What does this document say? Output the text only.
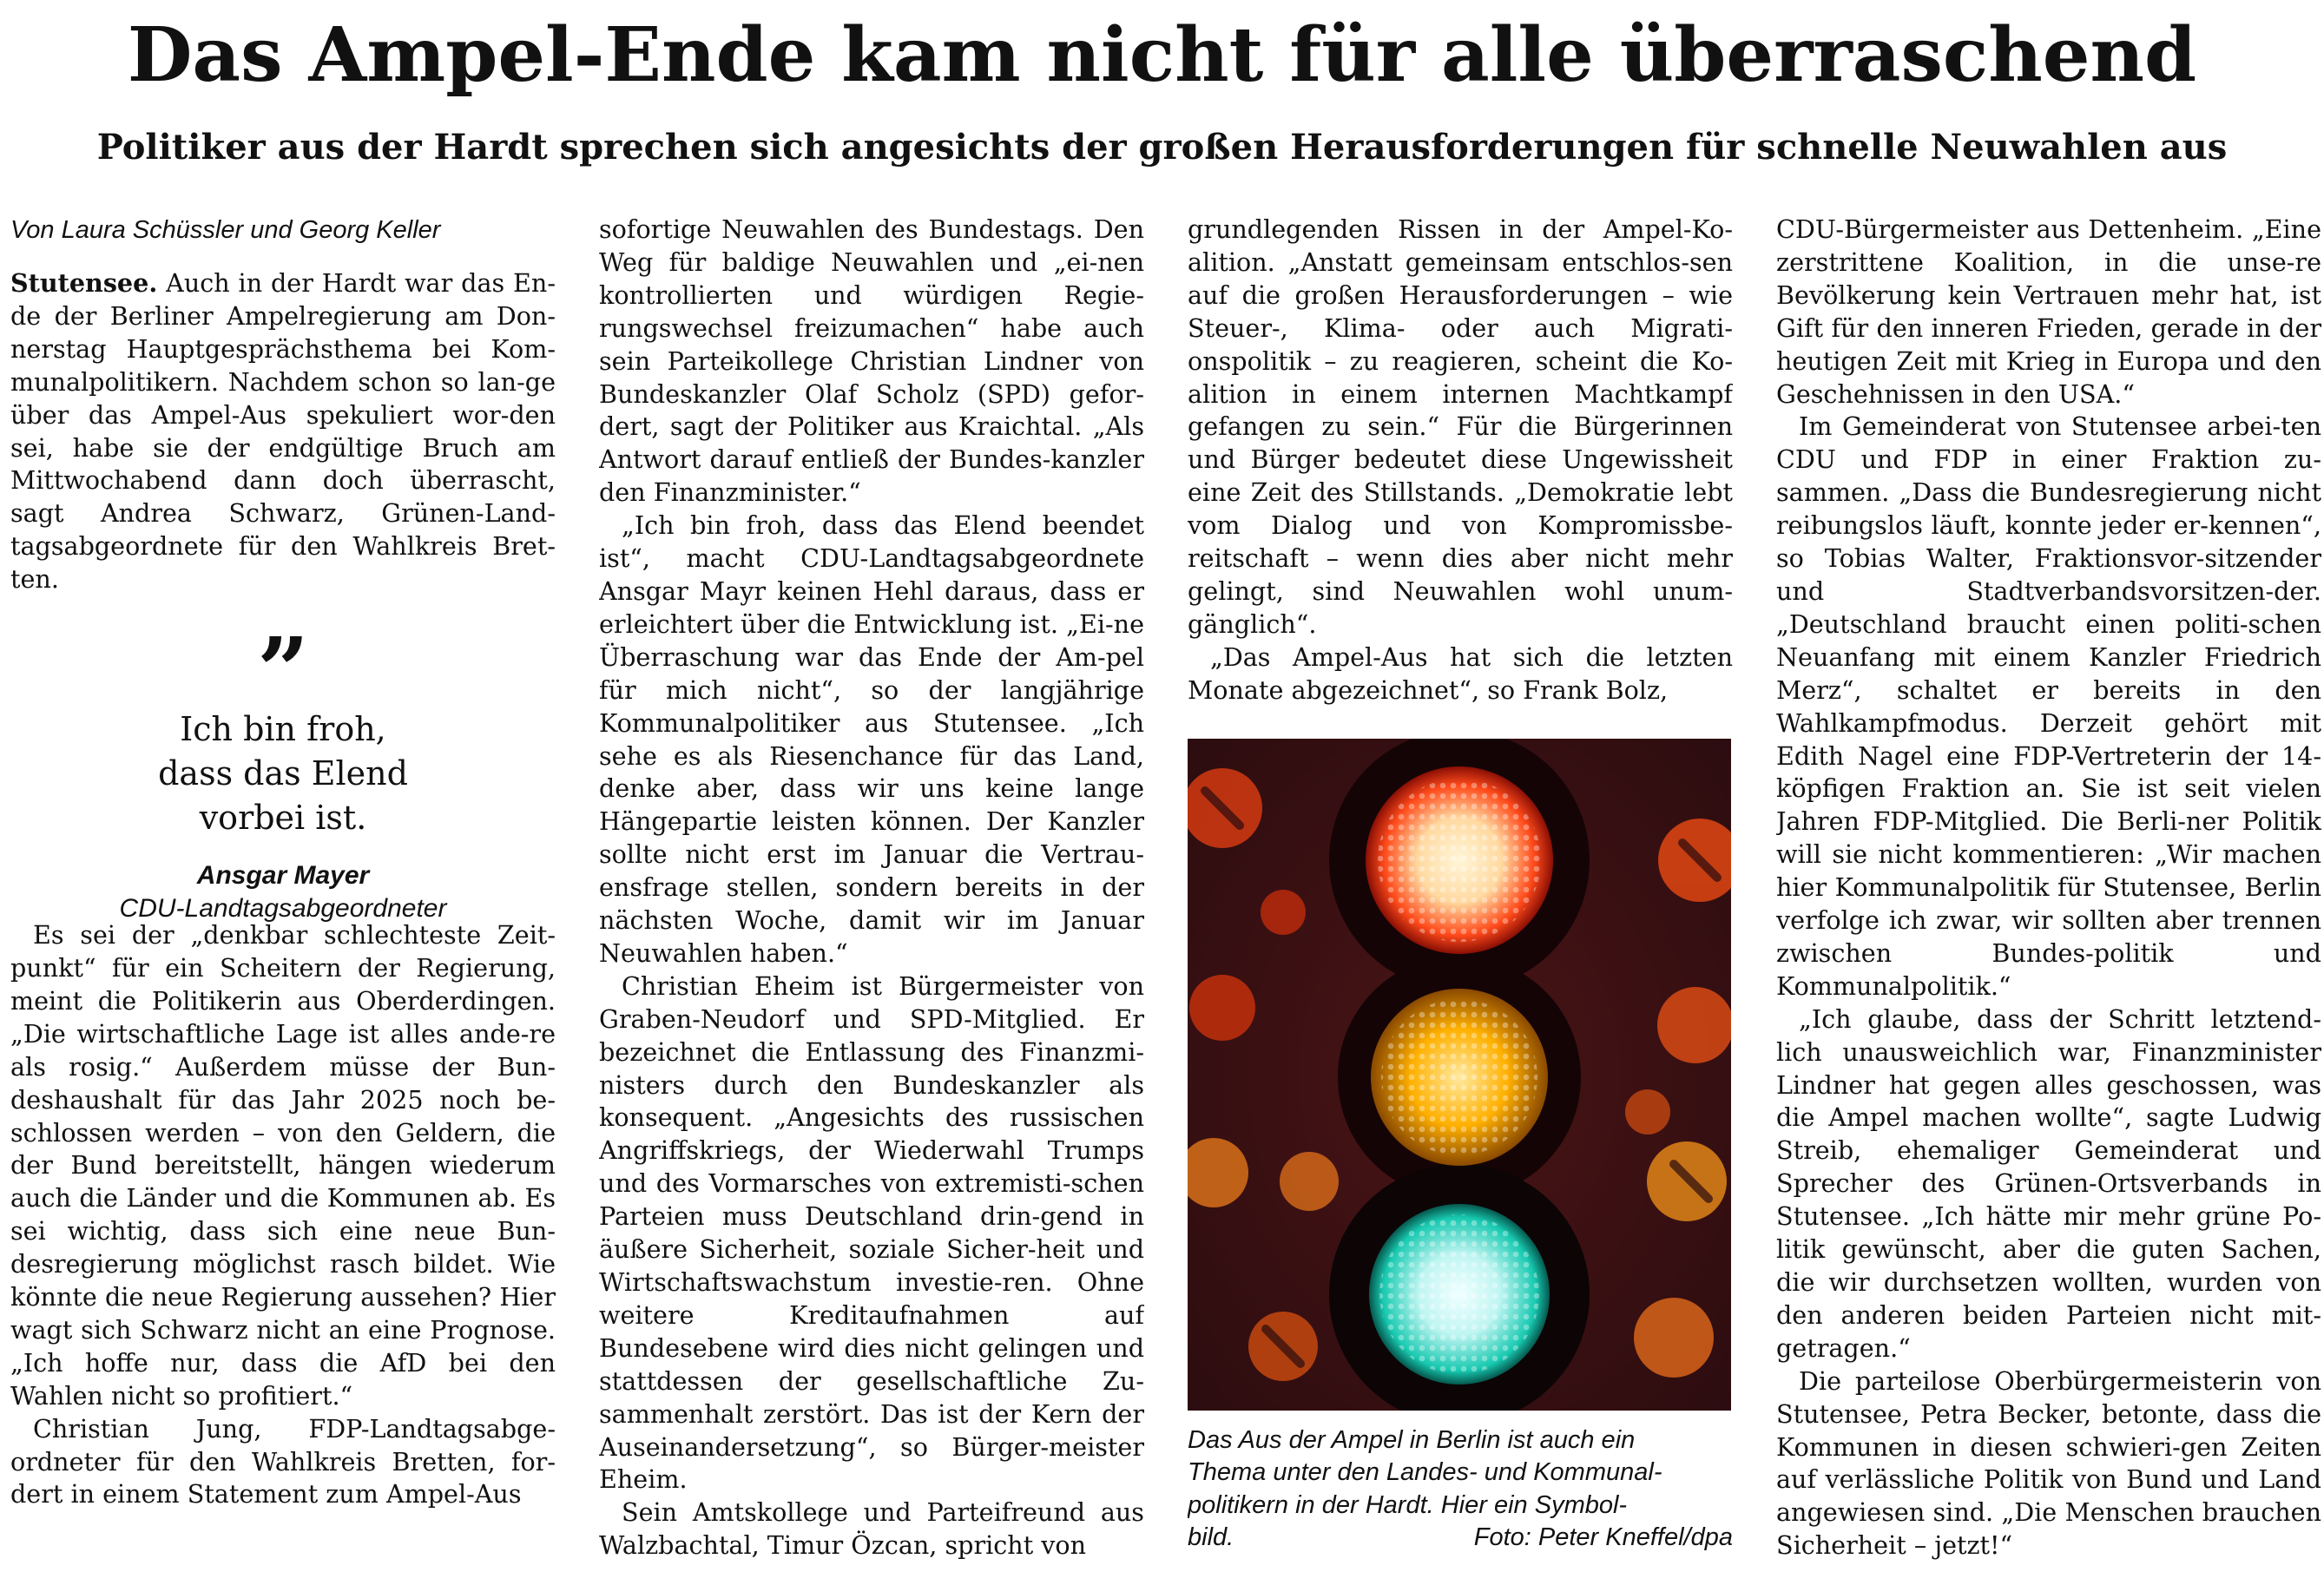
Das Ampel-Ende kam nicht für alle überraschend
Politiker aus der Hardt sprechen sich angesichts der großen Herausforderungen für schnelle Neuwahlen aus
Von Laura Schüssler und Georg Keller

Stutensee. Auch in der Hardt war das En-de der Berliner Ampelregierung am Don-nerstag Hauptgesprächsthema bei Kom-munalpolitikern. Nachdem schon so lan-ge über das Ampel-Aus spekuliert wor-den sei, habe sie der endgültige Bruch am Mittwochabend dann doch überrascht, sagt Andrea Schwarz, Grünen-Land-tagsabgeordnete für den Wahlkreis Bret-ten.

”
Ich bin froh,
dass das Elend
vorbei ist.
Ansgar Mayer
CDU-Landtagsabgeordneter

Es sei der „denkbar schlechteste Zeit-punkt“ für ein Scheitern der Regierung, meint die Politikerin aus Oberderdingen. „Die wirtschaftliche Lage ist alles ande-re als rosig.“ Außerdem müsse der Bun-deshaushalt für das Jahr 2025 noch be-schlossen werden – von den Geldern, die der Bund bereitstellt, hängen wiederum auch die Länder und die Kommunen ab. Es sei wichtig, dass sich eine neue Bun-desregierung möglichst rasch bildet. Wie könnte die neue Regierung aussehen? Hier wagt sich Schwarz nicht an eine Prognose. „Ich hoffe nur, dass die AfD bei den Wahlen nicht so profitiert.“

Christian Jung, FDP-Landtagsabge-ordneter für den Wahlkreis Bretten, for-dert in einem Statement zum Ampel-Aus

sofortige Neuwahlen des Bundestags. Den Weg für baldige Neuwahlen und „ei-nen kontrollierten und würdigen Regie-rungswechsel freizumachen“ habe auch sein Parteikollege Christian Lindner von Bundeskanzler Olaf Scholz (SPD) gefor-dert, sagt der Politiker aus Kraichtal. „Als Antwort darauf entließ der Bundes-kanzler den Finanzminister.“

„Ich bin froh, dass das Elend beendet ist“, macht CDU-Landtagsabgeordnete Ansgar Mayr keinen Hehl daraus, dass er erleichtert über die Entwicklung ist. „Ei-ne Überraschung war das Ende der Am-pel für mich nicht“, so der langjährige Kommunalpolitiker aus Stutensee. „Ich sehe es als Riesenchance für das Land, denke aber, dass wir uns keine lange Hängepartie leisten können. Der Kanzler sollte nicht erst im Januar die Vertrau-ensfrage stellen, sondern bereits in der nächsten Woche, damit wir im Januar Neuwahlen haben.“

Christian Eheim ist Bürgermeister von Graben-Neudorf und SPD-Mitglied. Er bezeichnet die Entlassung des Finanzmi-nisters durch den Bundeskanzler als konsequent. „Angesichts des russischen Angriffskriegs, der Wiederwahl Trumps und des Vormarsches von extremisti-schen Parteien muss Deutschland drin-gend in äußere Sicherheit, soziale Sicher-heit und Wirtschaftswachstum investie-ren. Ohne weitere Kreditaufnahmen auf Bundesebene wird dies nicht gelingen und stattdessen der gesellschaftliche Zu-sammenhalt zerstört. Das ist der Kern der Auseinandersetzung“, so Bürger-meister Eheim.

Sein Amtskollege und Parteifreund aus Walzbachtal, Timur Özcan, spricht von

grundlegenden Rissen in der Ampel-Ko-alition. „Anstatt gemeinsam entschlos-sen auf die großen Herausforderungen – wie Steuer-, Klima- oder auch Migrati-onspolitik – zu reagieren, scheint die Ko-alition in einem internen Machtkampf gefangen zu sein.“ Für die Bürgerinnen und Bürger bedeutet diese Ungewissheit eine Zeit des Stillstands. „Demokratie lebt vom Dialog und von Kompromissbe-reitschaft – wenn dies aber nicht mehr gelingt, sind Neuwahlen wohl unum-gänglich“.

„Das Ampel-Aus hat sich die letzten Monate abgezeichnet“, so Frank Bolz,

Das Aus der Ampel in Berlin ist auch ein
Thema unter den Landes- und Kommunal-
politikern in der Hardt. Hier ein Symbol-
bild.	Foto: Peter Kneffel/dpa

CDU-Bürgermeister aus Dettenheim. „Eine zerstrittene Koalition, in die unse-re Bevölkerung kein Vertrauen mehr hat, ist Gift für den inneren Frieden, gerade in der heutigen Zeit mit Krieg in Europa und den Geschehnissen in den USA.“

Im Gemeinderat von Stutensee arbei-ten CDU und FDP in einer Fraktion zu-sammen. „Dass die Bundesregierung nicht reibungslos läuft, konnte jeder er-kennen“, so Tobias Walter, Fraktionsvor-sitzender und Stadtverbandsvorsitzen-der. „Deutschland braucht einen politi-schen Neuanfang mit einem Kanzler Friedrich Merz“, schaltet er bereits in den Wahlkampfmodus. Derzeit gehört mit Edith Nagel eine FDP-Vertreterin der 14-köpfigen Fraktion an. Sie ist seit vielen Jahren FDP-Mitglied. Die Berli-ner Politik will sie nicht kommentieren: „Wir machen hier Kommunalpolitik für Stutensee, Berlin verfolge ich zwar, wir sollten aber trennen zwischen Bundes-politik und Kommunalpolitik.“

„Ich glaube, dass der Schritt letztend-lich unausweichlich war, Finanzminister Lindner hat gegen alles geschossen, was die Ampel machen wollte“, sagte Ludwig Streib, ehemaliger Gemeinderat und Sprecher des Grünen-Ortsverbands in Stutensee. „Ich hätte mir mehr grüne Po-litik gewünscht, aber die guten Sachen, die wir durchsetzen wollten, wurden von den anderen beiden Parteien nicht mit-getragen.“

Die parteilose Oberbürgermeisterin von Stutensee, Petra Becker, betonte, dass die Kommunen in diesen schwieri-gen Zeiten auf verlässliche Politik von Bund und Land angewiesen sind. „Die Menschen brauchen Sicherheit – jetzt!“
